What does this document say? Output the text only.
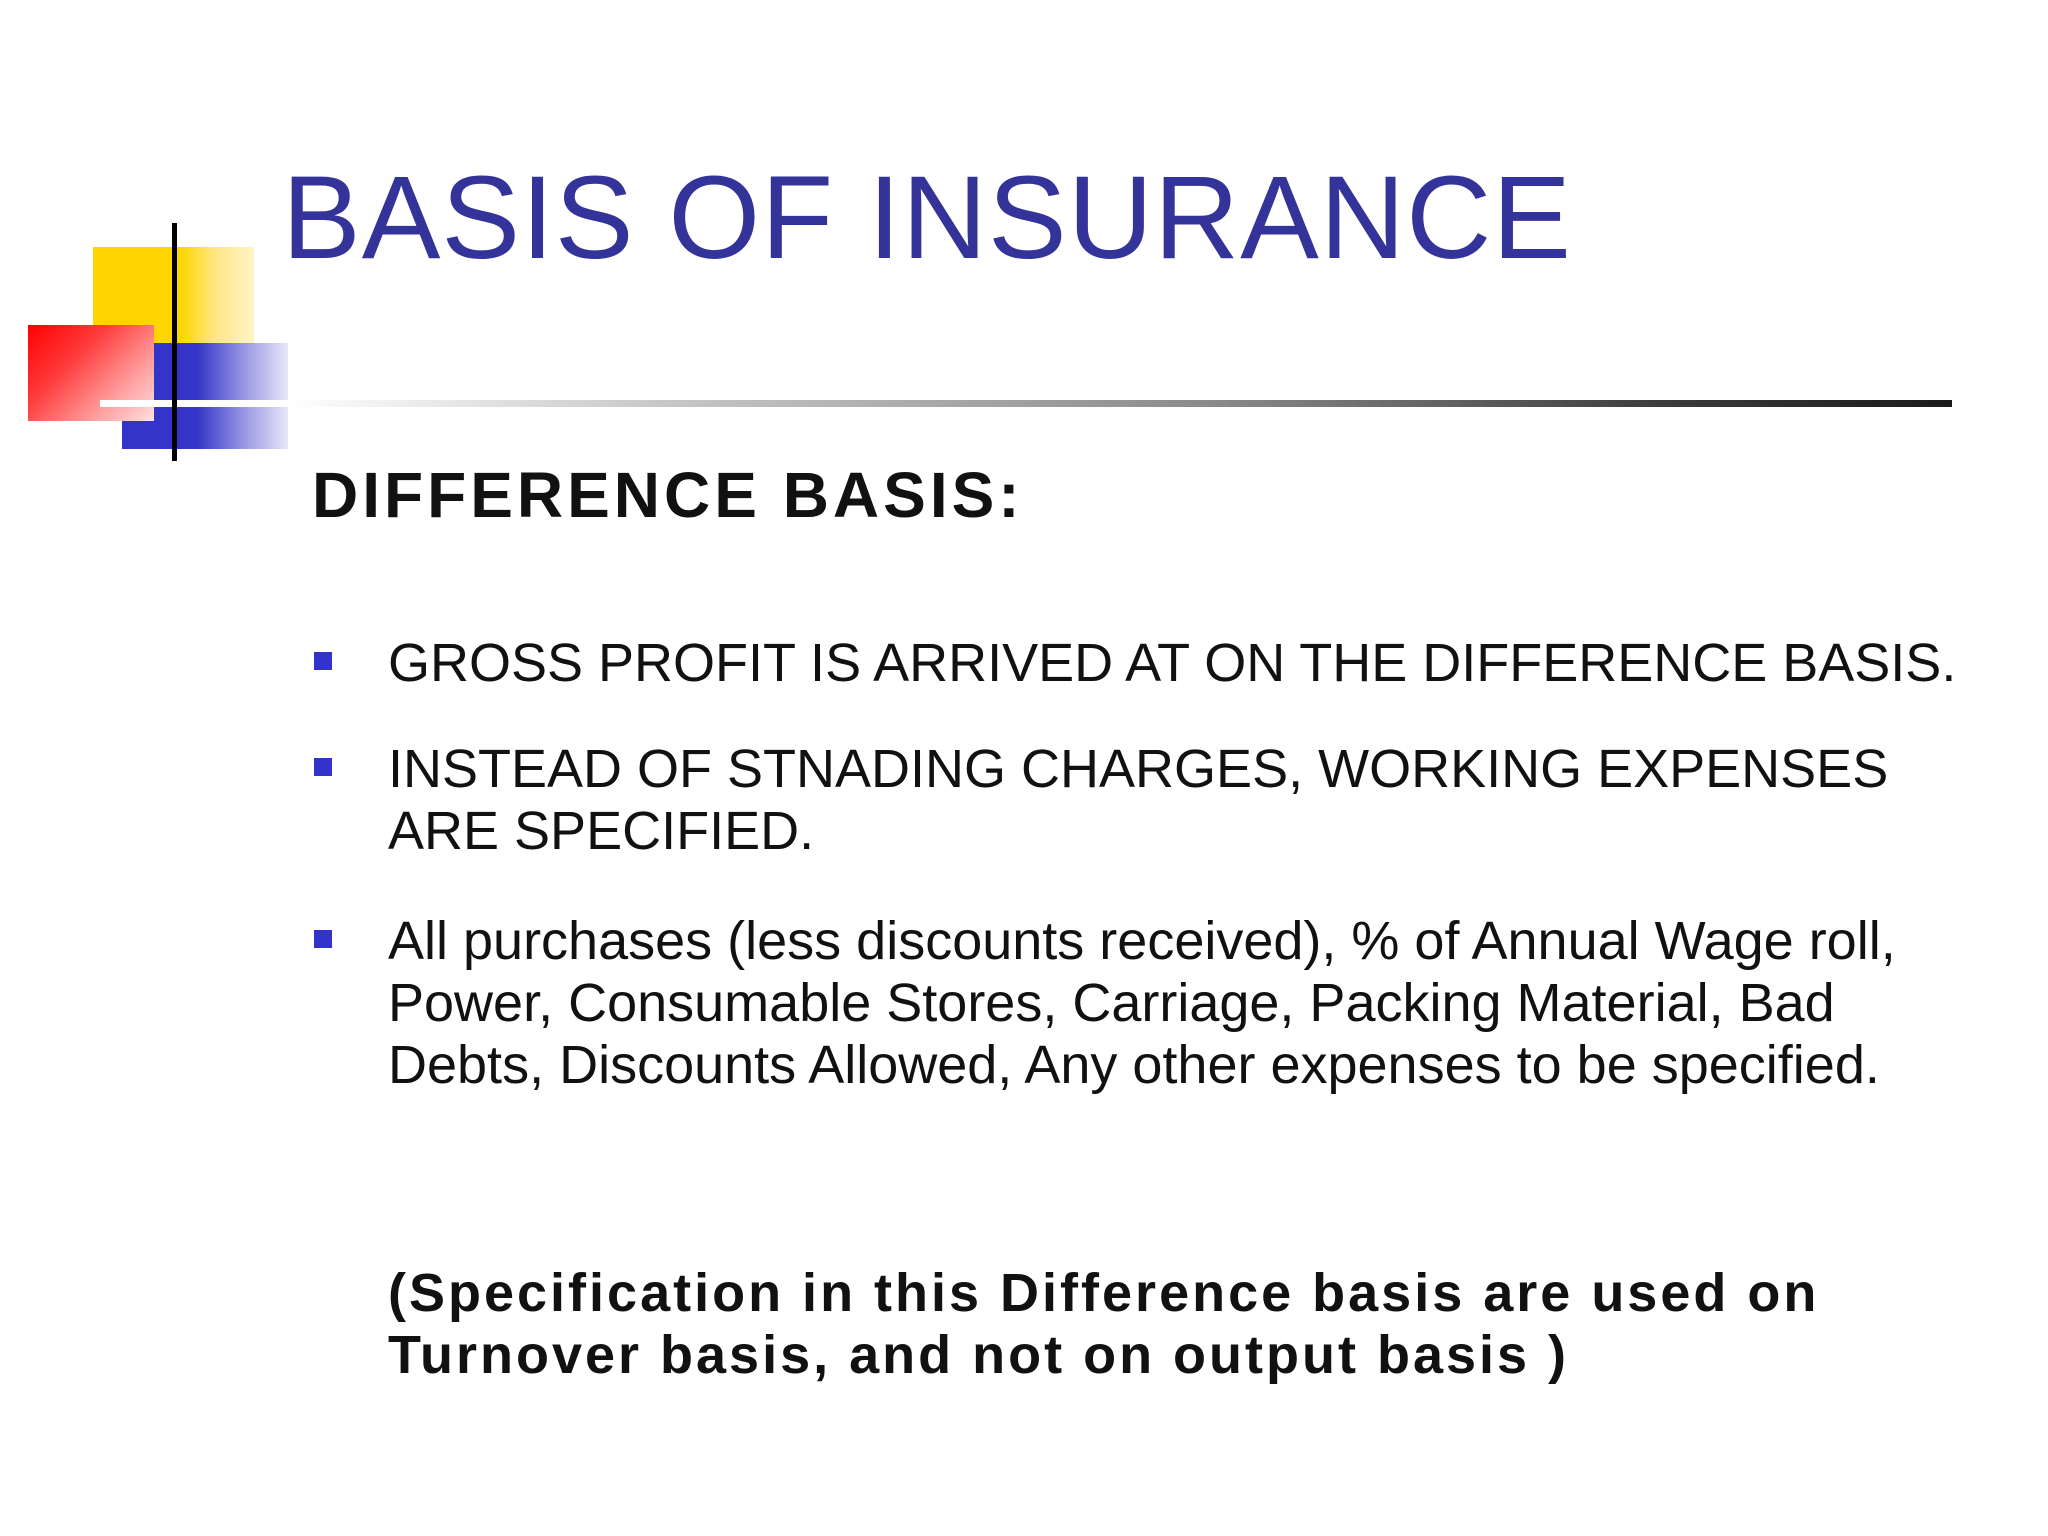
BASIS OF INSURANCE
DIFFERENCE BASIS:
GROSS PROFIT IS ARRIVED AT ON THE DIFFERENCE BASIS.
INSTEAD OF STNADING CHARGES, WORKING EXPENSES ARE SPECIFIED.
All purchases (less discounts received), % of Annual Wage roll, Power, Consumable Stores, Carriage, Packing Material, Bad Debts, Discounts Allowed, Any other expenses to be specified.

(Specification in this Difference basis are used on Turnover basis, and not on output basis )
